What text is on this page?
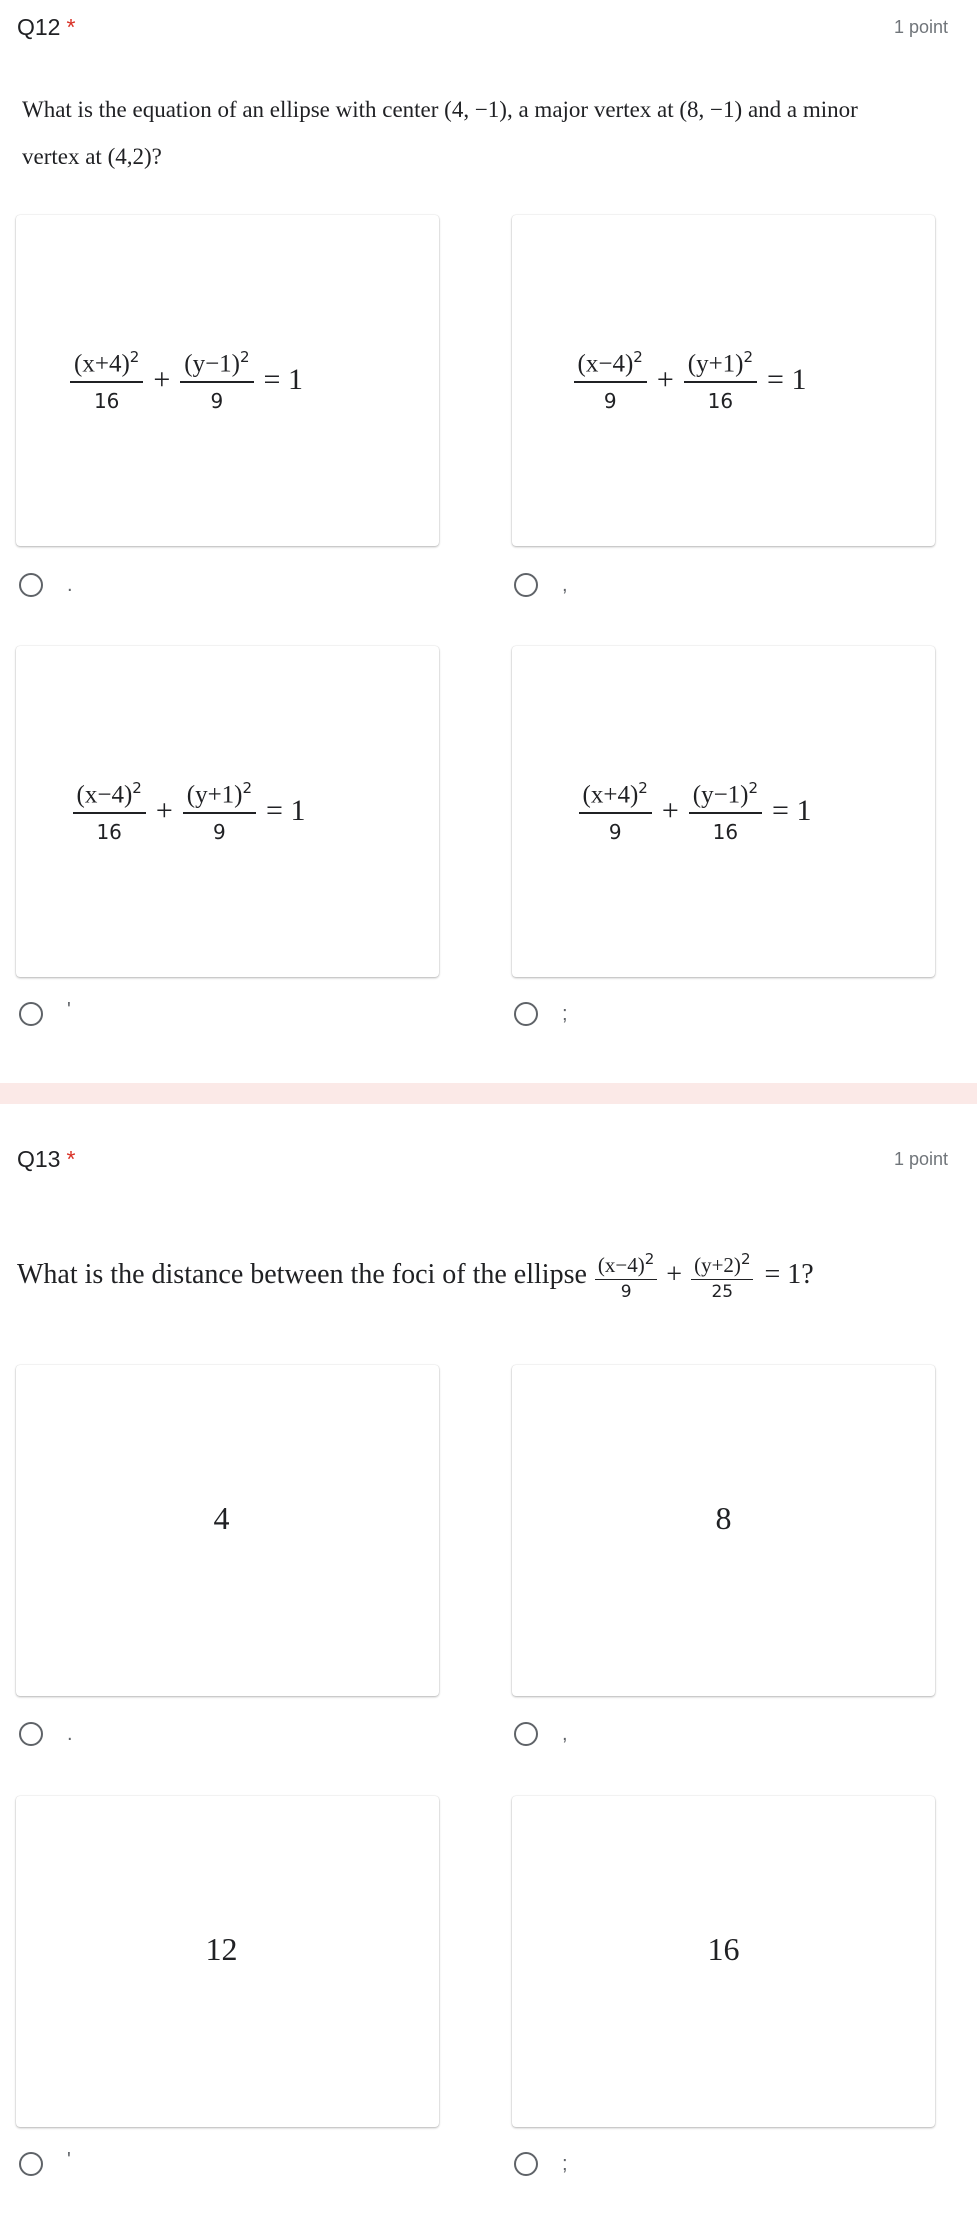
Q12 *	1 point
What is the equation of an ellipse with center (4, −1), a major vertex at (8, −1) and a minor
vertex at (4,2)?
$\frac{(x+4)^2}{16} + \frac{(y-1)^2}{9} = 1$
.
$\frac{(x-4)^2}{9} + \frac{(y+1)^2}{16} = 1$
,
$\frac{(x-4)^2}{16} + \frac{(y+1)^2}{9} = 1$
'
$\frac{(x+4)^2}{9} + \frac{(y-1)^2}{16} = 1$
;
Q13 *	1 point
What is the distance between the foci of the ellipse $\frac{(x-4)^2}{9} + \frac{(y+2)^2}{25} = 1$?
4
.
8
,
12
'
16
;
